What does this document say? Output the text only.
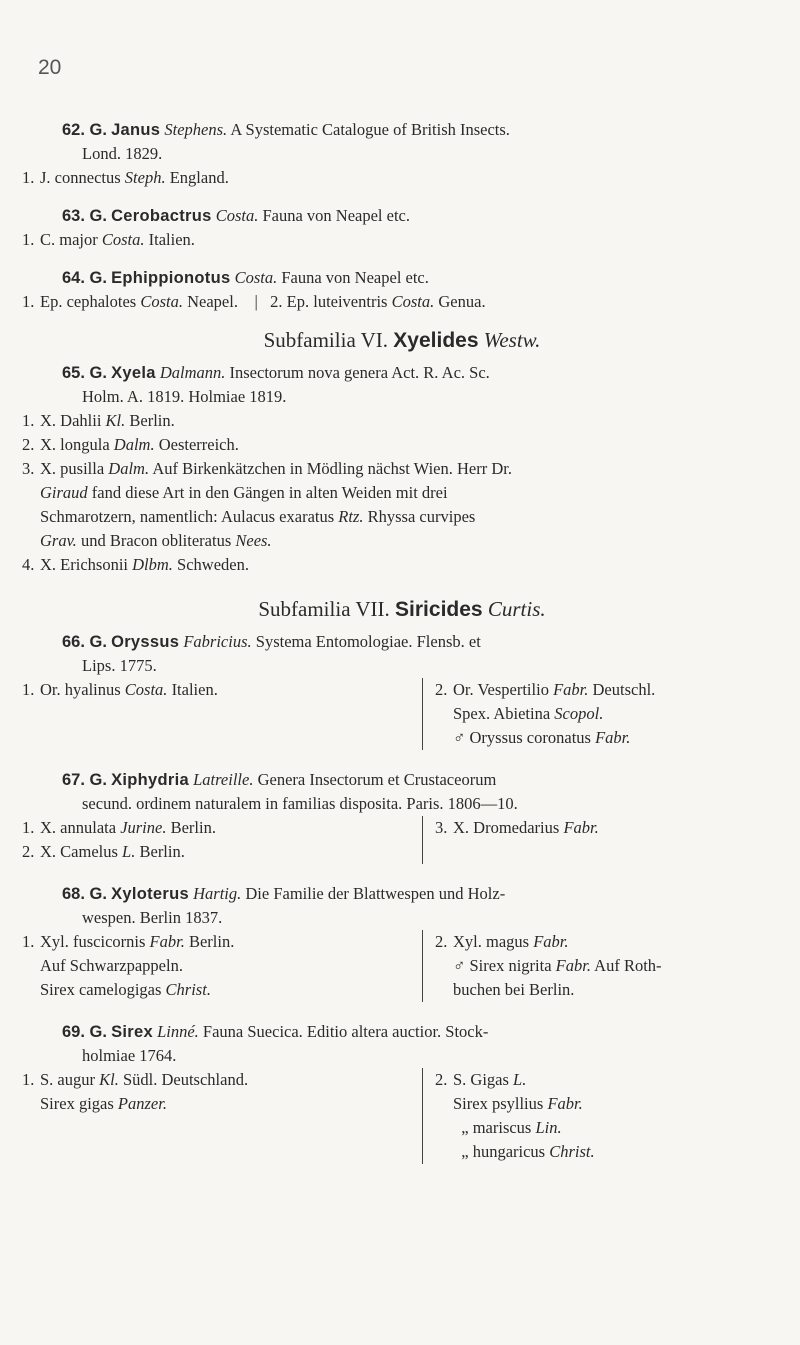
20
62. G. Janus Stephens. A Systematic Catalogue of British Insects.
Lond. 1829.
1. J. connectus Steph. England.
63. G. Cerobactrus Costa. Fauna von Neapel etc.
1. C. major Costa. Italien.
64. G. Ephippionotus Costa. Fauna von Neapel etc.
1. Ep. cephalotes Costa. Neapel. | 2. Ep. luteiventris Costa. Genua.
Subfamilia VI. Xyelides Westw.
65. G. Xyela Dalmann. Insectorum nova genera Act. R. Ac. Sc.
Holm. A. 1819. Holmiae 1819.
1. X. Dahlii Kl. Berlin.
2. X. longula Dalm. Oesterreich.
3. X. pusilla Dalm. Auf Birkenkätzchen in Mödling nächst Wien. Herr Dr.
Giraud fand diese Art in den Gängen in alten Weiden mit drei
Schmarotzern, namentlich: Aulacus exaratus Rtz. Rhyssa curvipes
Grav. und Bracon obliteratus Nees.
4. X. Erichsonii Dlbm. Schweden.
Subfamilia VII. Siricides Curtis.
66. G. Oryssus Fabricius. Systema Entomologiae. Flensb. et
Lips. 1775.
1. Or. hyalinus Costa. Italien.	2. Or. Vespertilio Fabr. Deutschl.
Spex. Abietina Scopol.
♂ Oryssus coronatus Fabr.
67. G. Xiphydria Latreille. Genera Insectorum et Crustaceorum
secund. ordinem naturalem in familias disposita. Paris. 1806—10.
1. X. annulata Jurine. Berlin.
2. X. Camelus L. Berlin.
3. X. Dromedarius Fabr.
68. G. Xyloterus Hartig. Die Familie der Blattwespen und Holz-
wespen. Berlin 1837.
1. Xyl. fuscicornis Fabr. Berlin.
Auf Schwarzpappeln.
Sirex camelogigas Christ.
2. Xyl. magus Fabr.
♂ Sirex nigrita Fabr. Auf Roth-
buchen bei Berlin.
69. G. Sirex Linné. Fauna Suecica. Editio altera auctior. Stock-
holmiae 1764.
1. S. augur Kl. Südl. Deutschland.
Sirex gigas Panzer.
2. S. Gigas L.
Sirex psyllius Fabr.
„ mariscus Lin.
„ hungaricus Christ.
